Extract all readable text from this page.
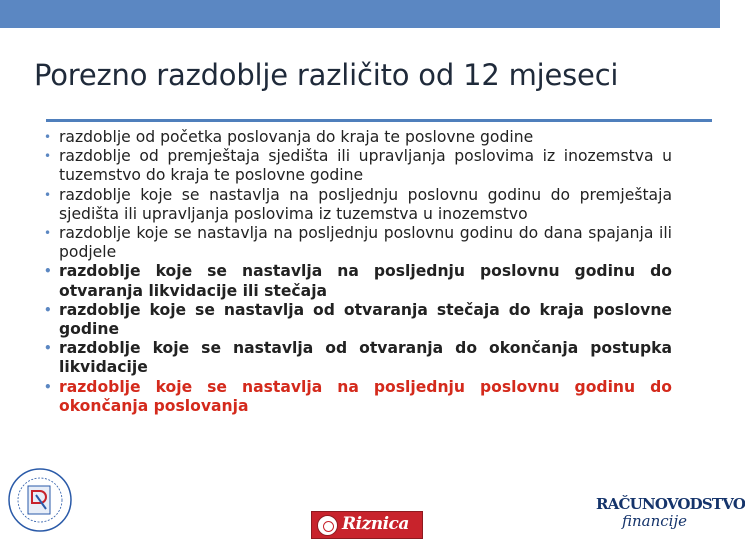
Porezno razdoblje različito od 12 mjeseci
• razdoblje od početka poslovanja do kraja te poslovne godine
• razdoblje od premještaja sjedišta ili upravljanja poslovima iz inozemstva u tuzemstvo do kraja te poslovne godine
• razdoblje koje se nastavlja na posljednju poslovnu godinu do premještaja sjedišta ili upravljanja poslovima iz tuzemstva u inozemstvo
• razdoblje koje se nastavlja na posljednju poslovnu godinu do dana spajanja ili podjele
• razdoblje koje se nastavlja na posljednju poslovnu godinu do otvaranja likvidacije ili stečaja
• razdoblje koje se nastavlja od otvaranja stečaja do kraja poslovne godine
• razdoblje koje se nastavlja od otvaranja do okončanja postupka likvidacije
• razdoblje koje se nastavlja na posljednju poslovnu godinu do okončanja poslovanja
Riznica
RAČUNOVODSTVO
financije
